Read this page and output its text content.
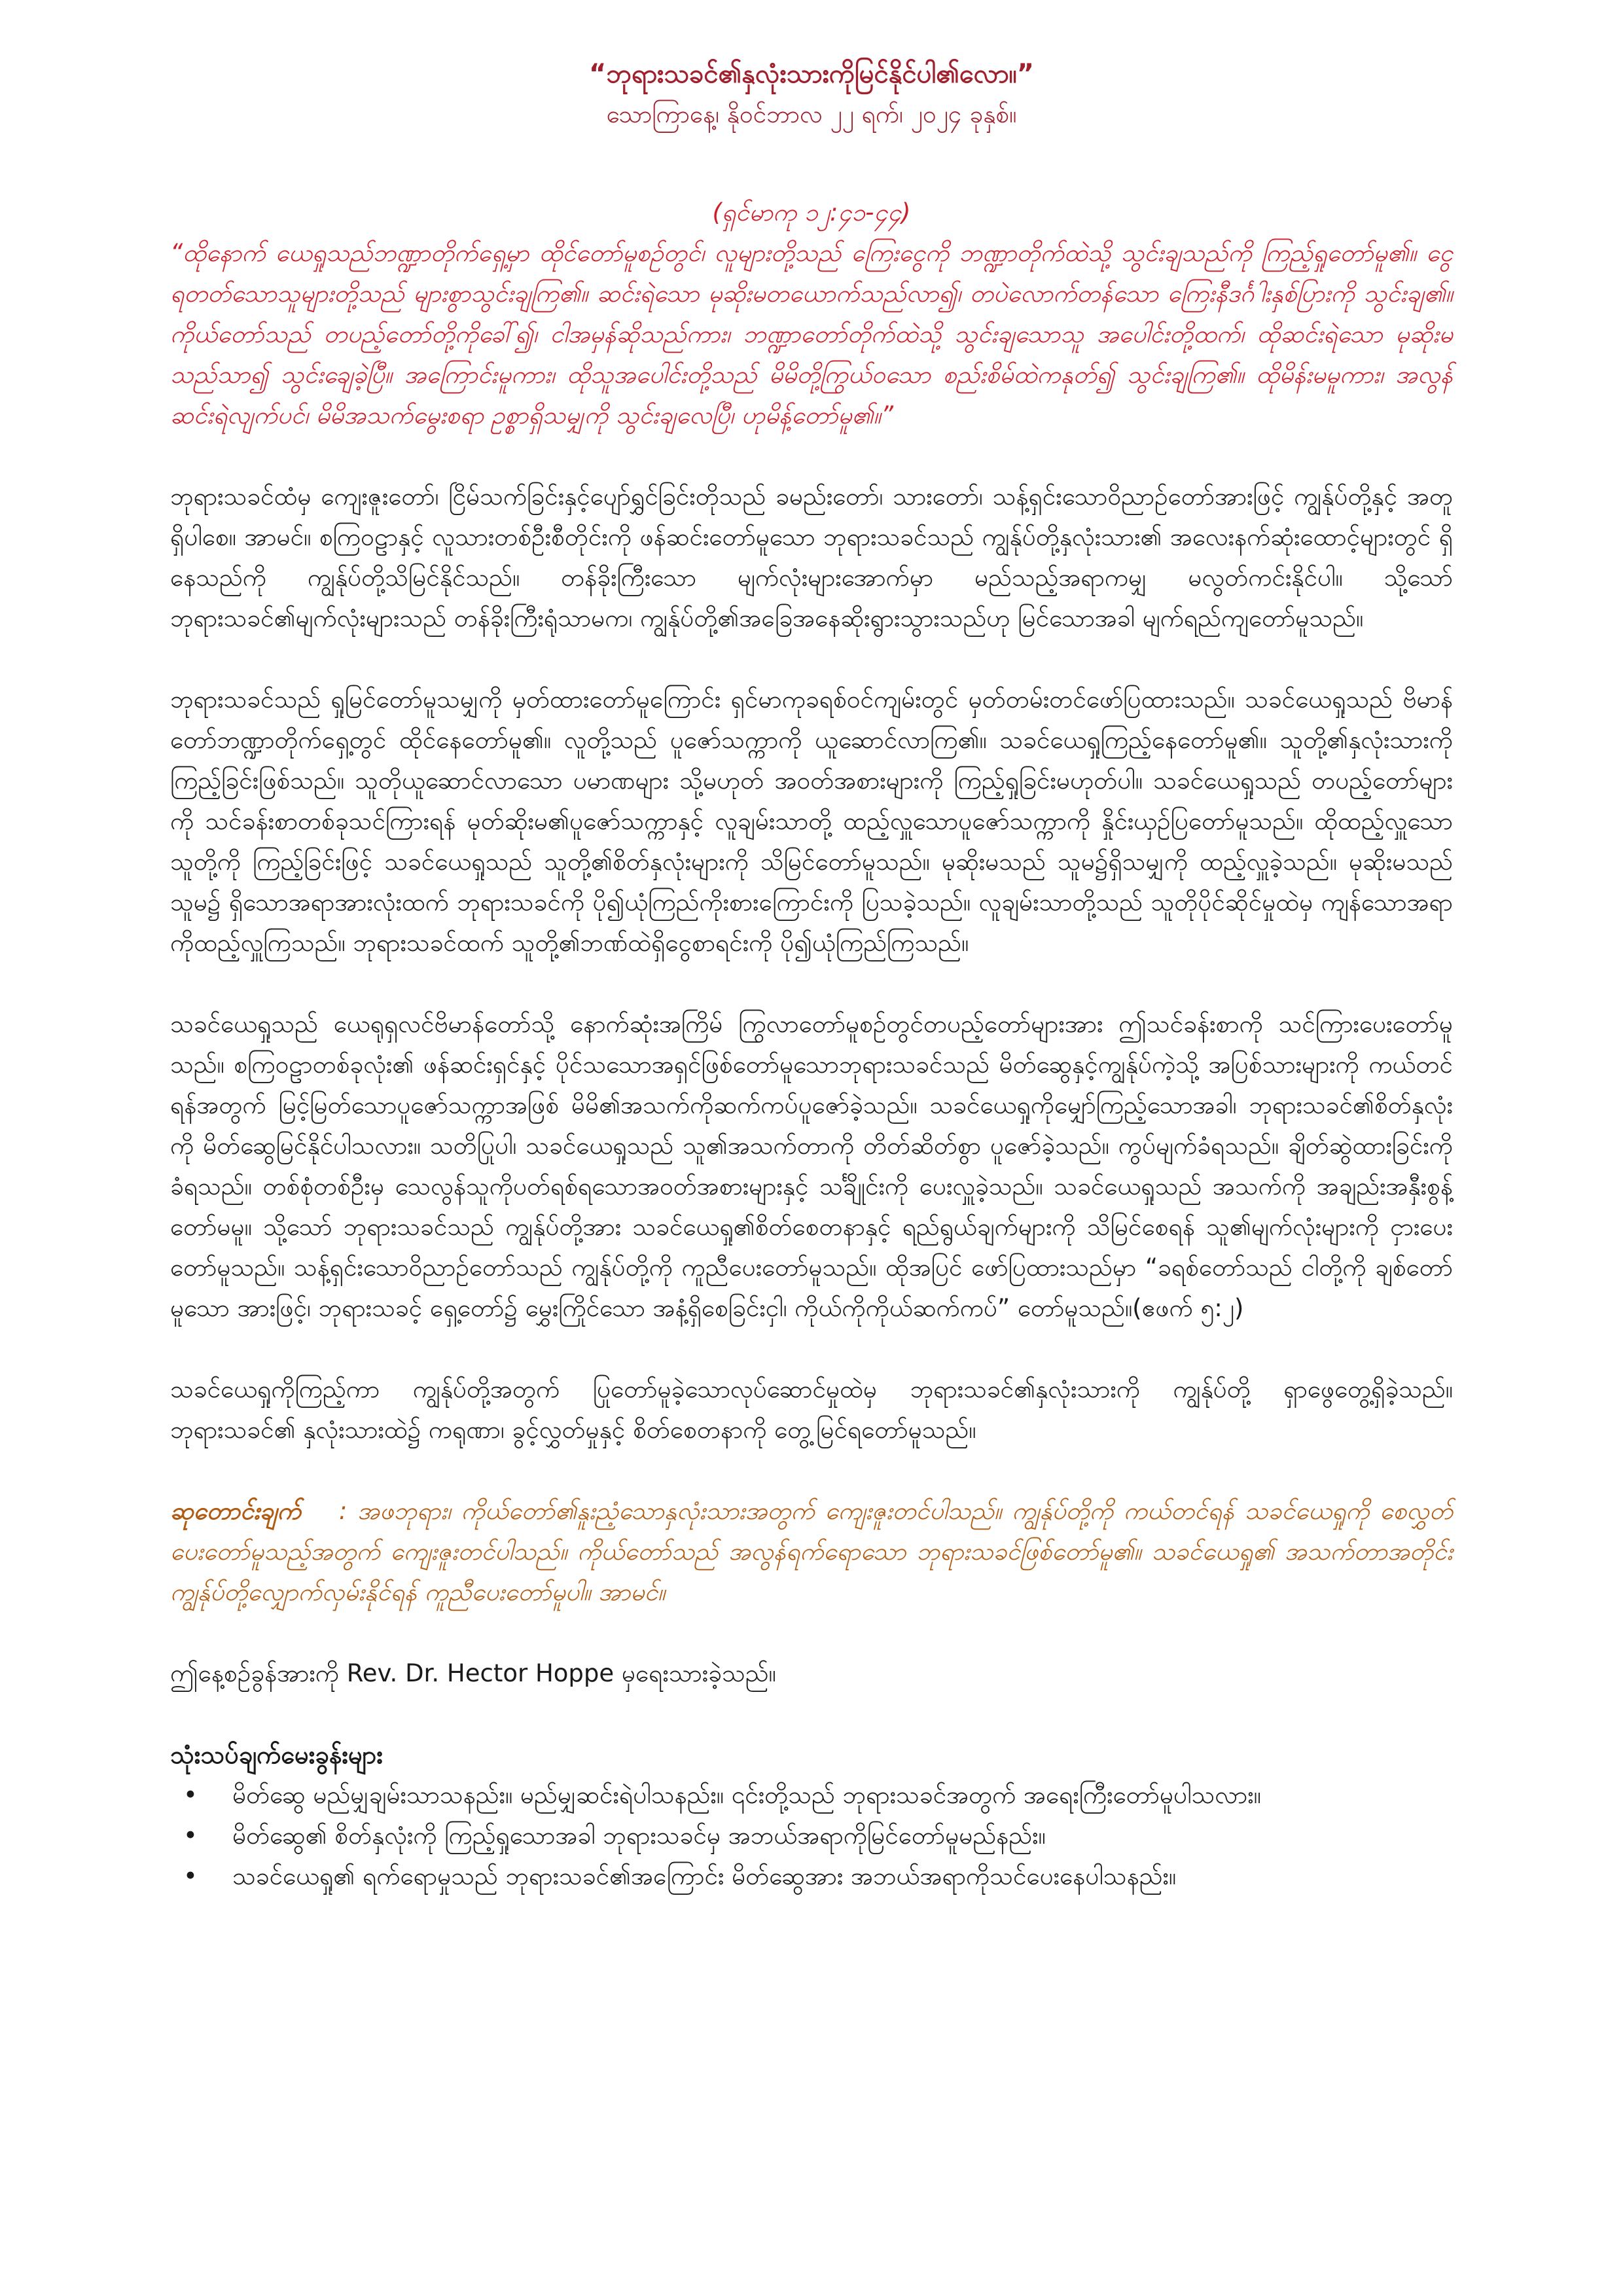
“ဘုရားသခင်၏နှလုံးသားကိုမြင်နိုင်ပါ၏လော။”
သောကြာနေ့၊ နိုဝင်ဘာလ ၂၂ ရက်၊ ၂၀၂၄ ခုနှစ်။
(ရှင်မာကု ၁၂:၄၁-၄၄)

“ထိုနောက် ယေရှုသည်ဘဏ္ဍာတိုက်ရှေ့မှာ ထိုင်တော်မူစဉ်တွင်၊ လူများတို့သည် ကြေးငွေကို ဘဏ္ဍာတိုက်ထဲသို့ သွင်းချသည်ကို ကြည့်ရှုတော်မူ၏။ ငွေရတတ်သောသူများတို့သည် များစွာသွင်းချကြ၏။ ဆင်းရဲသော မုဆိုးမတယောက်သည်လာ၍၊ တပဲလောက်တန်သော ကြေးနီဒင်္ဂါးနှစ်ပြားကို သွင်းချ၏။ ကိုယ်တော်သည် တပည့်တော်တို့ကိုခေါ်၍၊ ငါအမှန်ဆိုသည်ကား၊ ဘဏ္ဍာတော်တိုက်ထဲသို့ သွင်းချသောသူ အပေါင်းတို့ထက်၊ ထိုဆင်းရဲသော မုဆိုးမသည်သာ၍ သွင်းချေခဲ့ပြီ။ အကြောင်းမူကား၊ ထိုသူအပေါင်းတို့သည် မိမိတို့ကြွယ်ဝသော စည်းစိမ်ထဲကနုတ်၍ သွင်းချကြ၏။ ထိုမိန်းမမူကား၊ အလွန်ဆင်းရဲလျက်ပင်၊ မိမိအသက်မွေးစရာ ဥစ္စာရှိသမျှကို သွင်းချလေပြီ၊ ဟုမိန့်တော်မူ၏။”

ဘုရားသခင်ထံမှ ကျေးဇူးတော်၊ ငြိမ်သက်ခြင်းနှင့်ပျော်ရွှင်ခြင်းတိုသည် ခမည်းတော်၊ သားတော်၊ သန့်ရှင်းသောဝိညာဉ်တော်အားဖြင့် ကျွန်ုပ်တို့နှင့် အတူရှိပါစေ။ အာမင်။ စကြဝဠာနှင့် လူသားတစ်ဦးစီတိုင်းကို ဖန်ဆင်းတော်မူသော ဘုရားသခင်သည် ကျွန်ုပ်တို့နှလုံးသား၏ အလေးနက်ဆုံးထောင့်များတွင် ရှိနေသည်ကို ကျွန်ုပ်တို့သိမြင်နိုင်သည်။ တန်ခိုးကြီးသော မျက်လုံးများအောက်မှာ မည်သည့်အရာကမျှ မလွတ်ကင်းနိုင်ပါ။ သို့သော် ဘုရားသခင်၏မျက်လုံးများသည် တန်ခိုးကြီးရုံသာမက၊ ကျွန်ုပ်တို့၏အခြေအနေဆိုးရွားသွားသည်ဟု မြင်သောအခါ မျက်ရည်ကျတော်မူသည်။

ဘုရားသခင်သည် ရှုမြင်တော်မူသမျှကို မှတ်ထားတော်မူကြောင်း ရှင်မာကုခရစ်ဝင်ကျမ်းတွင် မှတ်တမ်းတင်ဖော်ပြထားသည်။ သခင်ယေရှုသည် ဗိမာန်တော်ဘဏ္ဍာတိုက်ရှေ့တွင် ထိုင်နေတော်မူ၏။ လူတို့သည် ပူဇော်သက္ကာကို ယူဆောင်လာကြ၏။ သခင်ယေရှုကြည့်နေတော်မူ၏။ သူတို့၏နှလုံးသားကို ကြည့်ခြင်းဖြစ်သည်။ သူတိုယူဆောင်လာသော ပမာဏများ သို့မဟုတ် အဝတ်အစားများကို ကြည့်ရှုခြင်းမဟုတ်ပါ။ သခင်ယေရှုသည် တပည့်တော်များကို သင်ခန်းစာတစ်ခုသင်ကြားရန် မုတ်ဆိုးမ၏ပူဇော်သက္ကာနှင့် လူချမ်းသာတို့ ထည့်လှူသောပူဇော်သက္ကာကို နှိုင်းယှဉ်ပြတော်မူသည်။ ထိုထည့်လှူသောသူတို့ကို ကြည့်ခြင်းဖြင့် သခင်ယေရှုသည် သူတို့၏စိတ်နှလုံးများကို သိမြင်တော်မူသည်။ မုဆိုးမသည် သူမ၌ရှိသမျှကို ထည့်လှူခဲ့သည်။ မုဆိုးမသည် သူမ၌ ရှိသောအရာအားလုံးထက် ဘုရားသခင်ကို ပို၍ယုံကြည်ကိုးစားကြောင်းကို ပြသခဲ့သည်။ လူချမ်းသာတို့သည် သူတိုပိုင်ဆိုင်မှုထဲမှ ကျန်သောအရာကိုထည့်လှူကြသည်။ ဘုရားသခင်ထက် သူတို့၏ဘဏ်ထဲရှိငွေစာရင်းကို ပို၍ယုံကြည်ကြသည်။

သခင်ယေရှုသည် ယေရုရှလင်ဗိမာန်တော်သို့ နောက်ဆုံးအကြိမ် ကြွလာတော်မူစဉ်တွင်တပည့်တော်များအား ဤသင်ခန်းစာကို သင်ကြားပေးတော်မူသည်။ စကြဝဠာတစ်ခုလုံး၏ ဖန်ဆင်းရှင်နှင့် ပိုင်သသောအရှင်ဖြစ်တော်မူသောဘုရားသခင်သည် မိတ်ဆွေနှင့်ကျွန်ုပ်ကဲ့သို့ အပြစ်သားများကို ကယ်တင်ရန်အတွက် မြင့်မြတ်သောပူဇော်သက္ကာအဖြစ် မိမိ၏အသက်ကိုဆက်ကပ်ပူဇော်ခဲ့သည်။ သခင်ယေရှုကိုမျှော်ကြည့်သောအခါ၊ ဘုရားသခင်၏စိတ်နှလုံးကို မိတ်ဆွေမြင်နိုင်ပါသလား။ သတိပြုပါ၊ သခင်ယေရှုသည် သူ၏အသက်တာကို တိတ်ဆိတ်စွာ ပူဇော်ခဲ့သည်။ ကွပ်မျက်ခံရသည်။ ချိတ်ဆွဲထားခြင်းကိုခံရသည်။ တစ်စုံတစ်ဦးမှ သေလွန်သူကိုပတ်ရစ်ရသောအဝတ်အစားများနှင့် သင်္ချိုင်းကို ပေးလှူခဲ့သည်။ သခင်ယေရှုသည် အသက်ကို အချည်းအနှီးစွန့်တော်မမူ။ သို့သော် ဘုရားသခင်သည် ကျွန်ုပ်တို့အား သခင်ယေရှု၏စိတ်စေတနာနှင့် ရည်ရွယ်ချက်များကို သိမြင်စေရန် သူ၏မျက်လုံးများကို ငှားပေးတော်မူသည်။ သန့်ရှင်းသောဝိညာဉ်တော်သည် ကျွန်ုပ်တို့ကို ကူညီပေးတော်မူသည်။ ထိုအပြင် ဖော်ပြထားသည်မှာ “ခရစ်တော်သည် ငါတို့ကို ချစ်တော်မူသော အားဖြင့်၊ ဘုရားသခင့် ရှေ့တော်၌ မွှေးကြိုင်သော အနံ့ရှိစေခြင်းငှါ၊ ကိုယ်ကိုကိုယ်ဆက်ကပ်” တော်မူသည်။(ဧဖက် ၅:၂)

သခင်ယေရှုကိုကြည့်ကာ ကျွန်ုပ်တို့အတွက် ပြုတော်မူခဲ့သောလုပ်ဆောင်မှုထဲမှ ဘုရားသခင်၏နှလုံးသားကို ကျွန်ုပ်တို့ ရှာဖွေတွေ့ရှိခဲ့သည်။ ဘုရားသခင်၏ နှလုံးသားထဲ၌ ကရုဏာ၊ ခွင့်လွှတ်မှုနှင့် စိတ်စေတနာကို တွေ့မြင်ရတော်မူသည်။

ဆုတောင်းချက် : အဖဘုရား၊ ကိုယ်တော်၏နူးညံ့သောနှလုံးသားအတွက် ကျေးဇူးတင်ပါသည်။ ကျွန်ုပ်တို့ကို ကယ်တင်ရန် သခင်ယေရှုကို စေလွှတ်ပေးတော်မူသည့်အတွက် ကျေးဇူးတင်ပါသည်။ ကိုယ်တော်သည် အလွန်ရက်ရောသော ဘုရားသခင်ဖြစ်တော်မူ၏။ သခင်ယေရှု၏ အသက်တာအတိုင်း ကျွန်ုပ်တို့လျှောက်လှမ်းနိုင်ရန် ကူညီပေးတော်မူပါ။ အာမင်။

ဤနေ့စဉ်ခွန်အားကို Rev. Dr. Hector Hoppe မှရေးသားခဲ့သည်။

သုံးသပ်ချက်မေးခွန်းများ

• မိတ်ဆွေ မည်မျှချမ်းသာသနည်း။ မည်မျှဆင်းရဲပါသနည်း။ ၎င်းတို့သည် ဘုရားသခင်အတွက် အရေးကြီးတော်မူပါသလား။
• မိတ်ဆွေ၏ စိတ်နှလုံးကို ကြည့်ရှုသောအခါ ဘုရားသခင်မှ အဘယ်အရာကိုမြင်တော်မူမည်နည်း။
• သခင်ယေရှု၏ ရက်ရောမှုသည် ဘုရားသခင်၏အကြောင်း မိတ်ဆွေအား အဘယ်အရာကိုသင်ပေးနေပါသနည်း။
